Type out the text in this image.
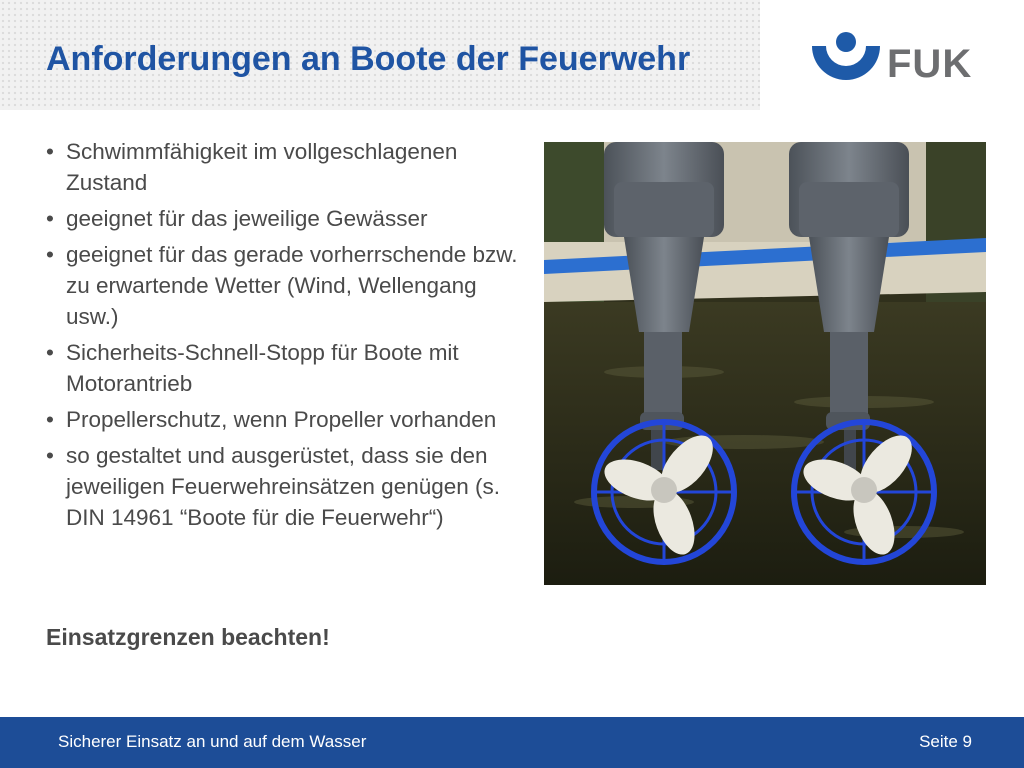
Anforderungen an Boote der Feuerwehr	FUK
• Schwimmfähigkeit im vollgeschlagenen Zustand
• geeignet für das jeweilige Gewässer
• geeignet für das gerade vorherrschende bzw. zu erwartende Wetter (Wind, Wellengang usw.)
• Sicherheits-Schnell-Stopp für Boote mit Motorantrieb
• Propellerschutz, wenn Propeller vorhanden
• so gestaltet und ausgerüstet, dass sie den jeweiligen Feuerwehreinsätzen genügen (s. DIN 14961 “Boote für die Feuerwehr“)
Einsatzgrenzen beachten!
Sicherer Einsatz an und auf dem Wasser	Seite 9
